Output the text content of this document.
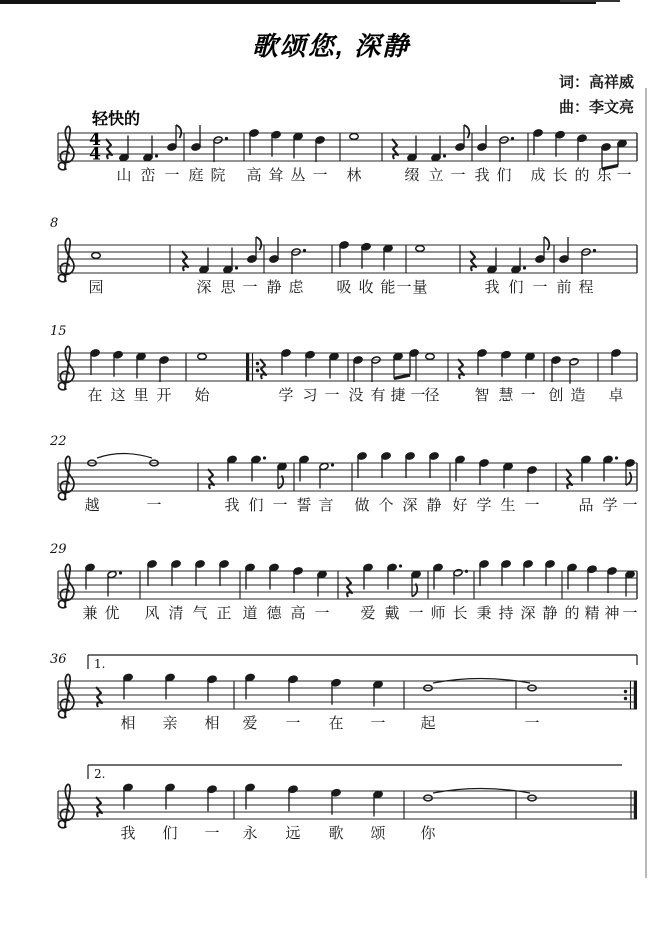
歌颂您, 深静
词：高祥威
曲：李文亮
轻快的
4
4
山 峦 一 庭 院 高 耸 丛 一 林	缀 立 一 我 们 成 长 的 乐 一
8
园	深 思 一 静 虑 吸 收 能 一 量	我 们 一 前 程
15
在 这 里 开 始	学 习 一 没 有 捷 一
径 智 慧 一 创 造 卓
22
越	一	我 们 一 誓 言 做 个 深 静 好 学 生 一	品 学 一
29
兼 优 风 清 气 正 道 德 高 一 爱 戴 一 师 长 秉 持 深 静 的 精 神 一
36 1.
相 亲 相 爱 一 在 一 起	一
2.
我 们 一 永 远 歌 颂 你
